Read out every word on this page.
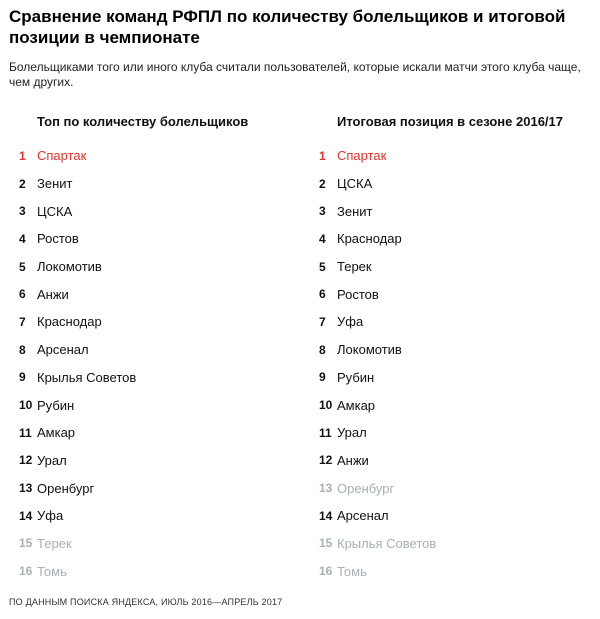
Сравнение команд РФПЛ по количеству болельщиков и итоговой позиции в чемпионате
Болельщиками того или иного клуба считали пользователей, которые искали матчи этого клуба чаще, чем других.
Топ по количеству болельщиков
1 Спартак
2 Зенит
3 ЦСКА
4 Ростов
5 Локомотив
6 Анжи
7 Краснодар
8 Арсенал
9 Крылья Советов
10 Рубин
11 Амкар
12 Урал
13 Оренбург
14 Уфа
15 Терек
16 Томь
Итоговая позиция в сезоне 2016/17
1 Спартак
2 ЦСКА
3 Зенит
4 Краснодар
5 Терек
6 Ростов
7 Уфа
8 Локомотив
9 Рубин
10 Амкар
11 Урал
12 Анжи
13 Оренбург
14 Арсенал
15 Крылья Советов
16 Томь
ПО ДАННЫМ ПОИСКА ЯНДЕКСА, ИЮЛЬ 2016—АПРЕЛЬ 2017
